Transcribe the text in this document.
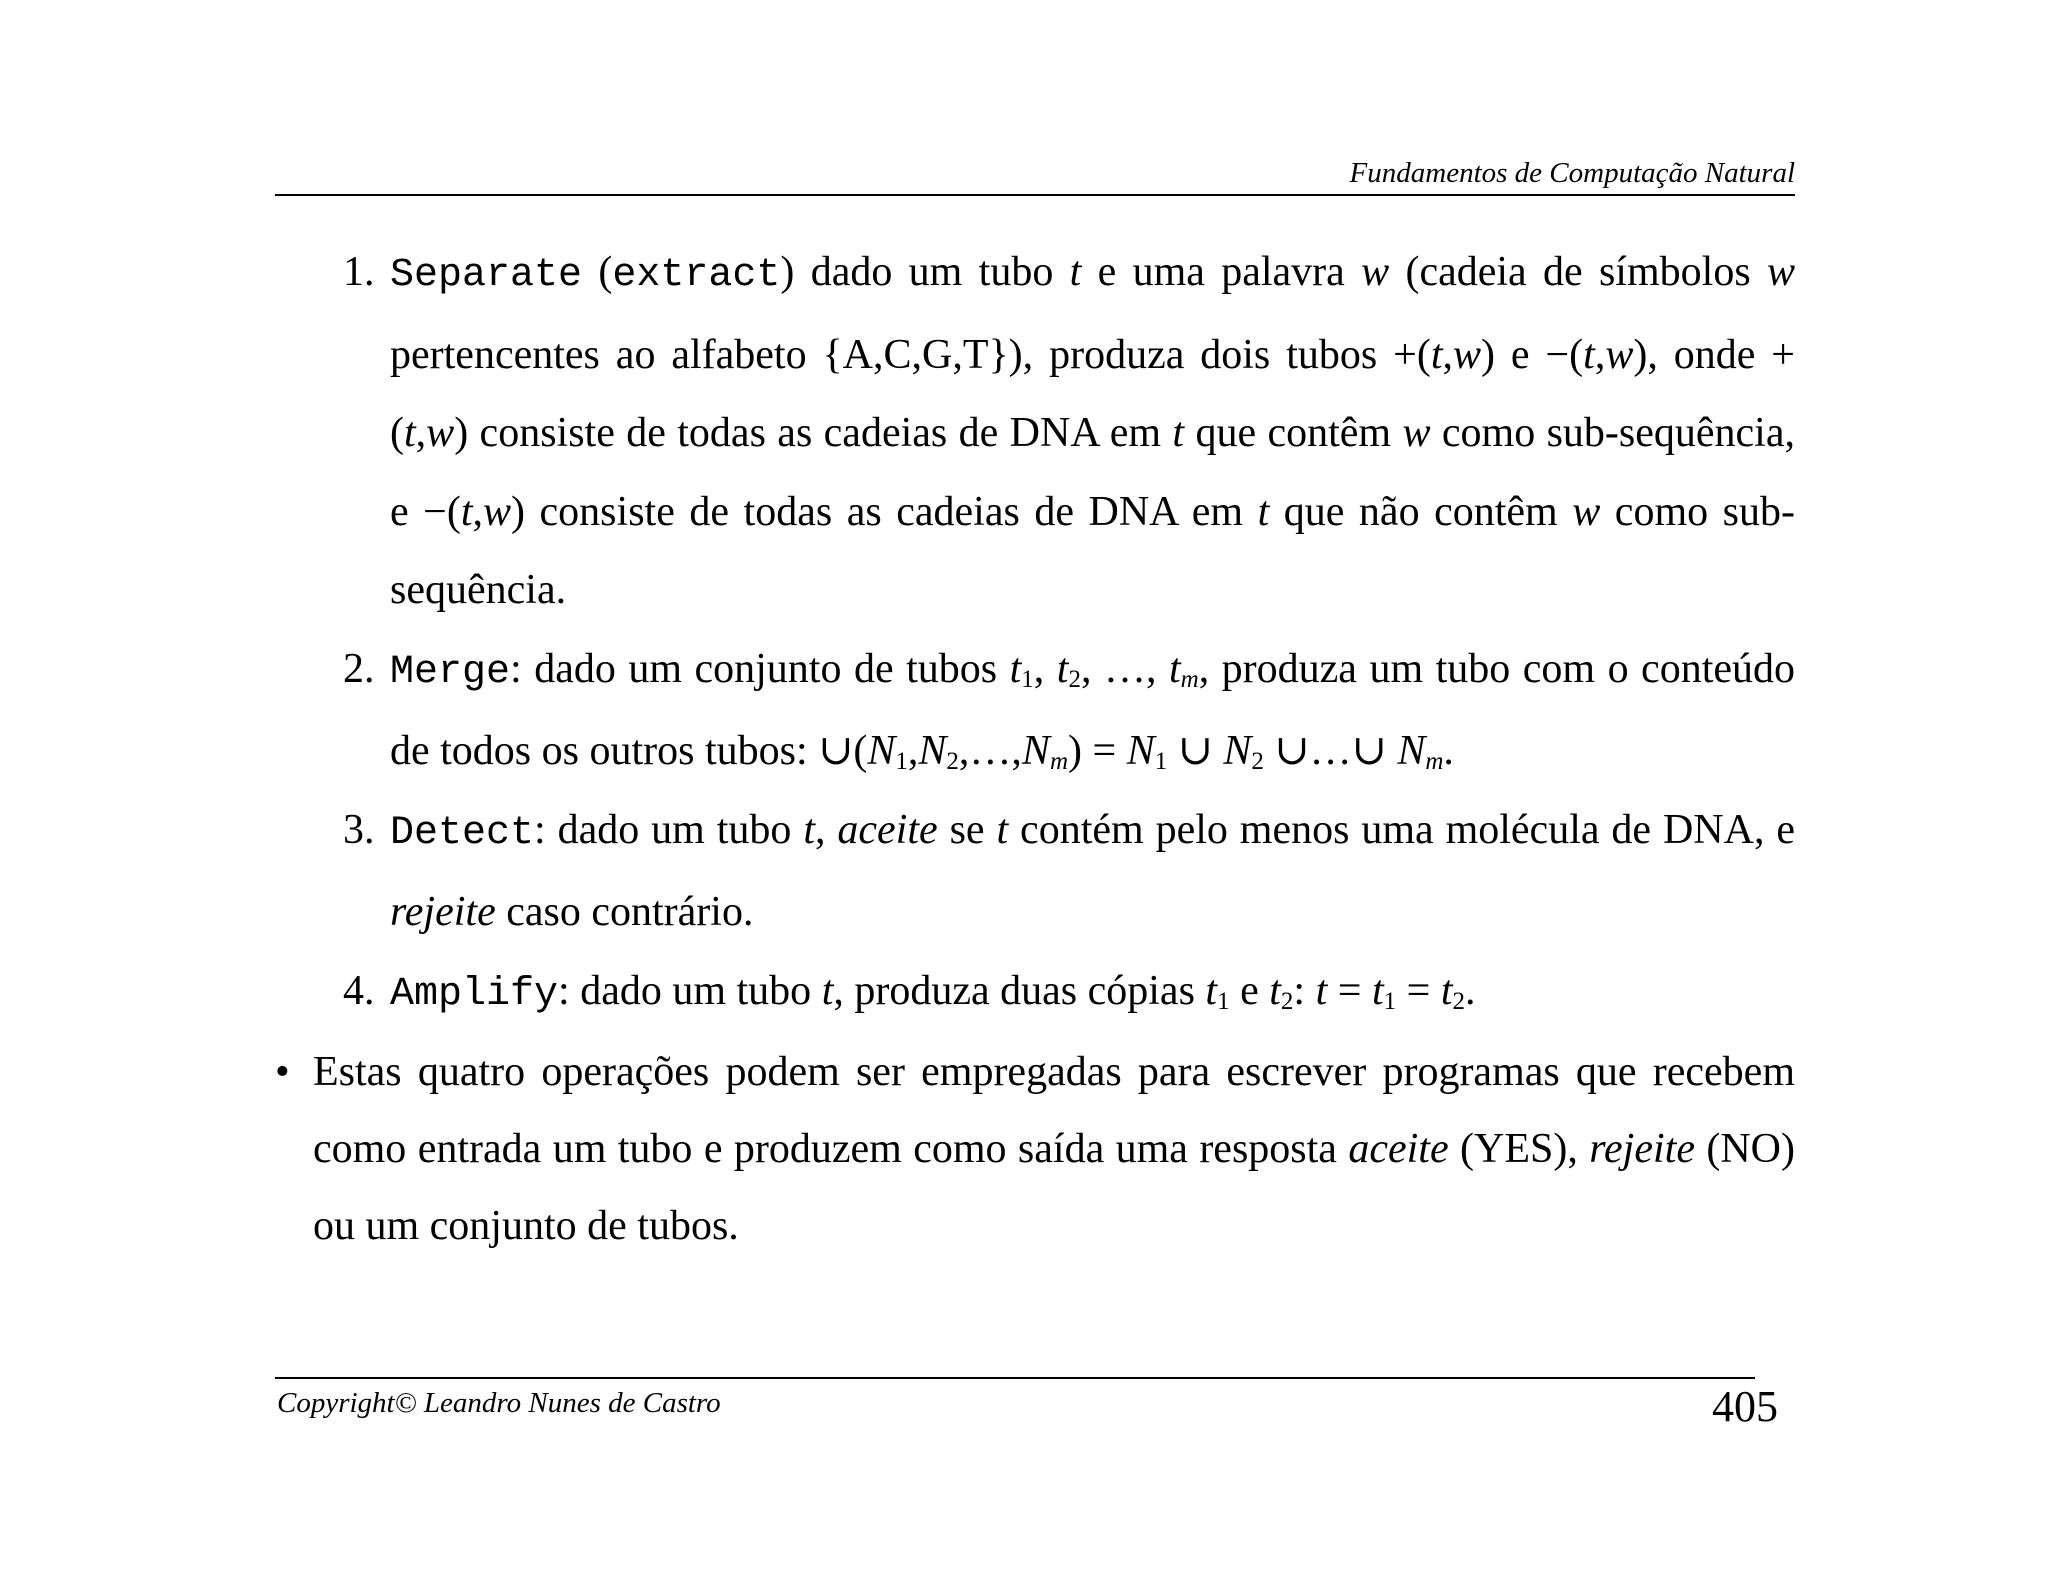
Fundamentos de Computação Natural
1. Separate (extract) dado um tubo t e uma palavra w (cadeia de símbolos w pertencentes ao alfabeto {A,C,G,T}), produza dois tubos +(t,w) e −(t,w), onde +(t,w) consiste de todas as cadeias de DNA em t que contêm w como sub-sequência, e −(t,w) consiste de todas as cadeias de DNA em t que não contêm w como sub-sequência.
2. Merge: dado um conjunto de tubos $t_1$, $t_2$, …, $t_m$, produza um tubo com o conteúdo de todos os outros tubos: $\cup(N_1,N_2,\dots,N_m) = N_1$ ∪ $N_2$ ∪…∪ $N_m$.
3. Detect: dado um tubo t, aceite se t contém pelo menos uma molécula de DNA, e rejeite caso contrário.
4. Amplify: dado um tubo t, produza duas cópias $t_1$ e $t_2$: $t = t_1 = t_2$.
• Estas quatro operações podem ser empregadas para escrever programas que recebem como entrada um tubo e produzem como saída uma resposta aceite (YES), rejeite (NO) ou um conjunto de tubos.
Copyright© Leandro Nunes de Castro	405
